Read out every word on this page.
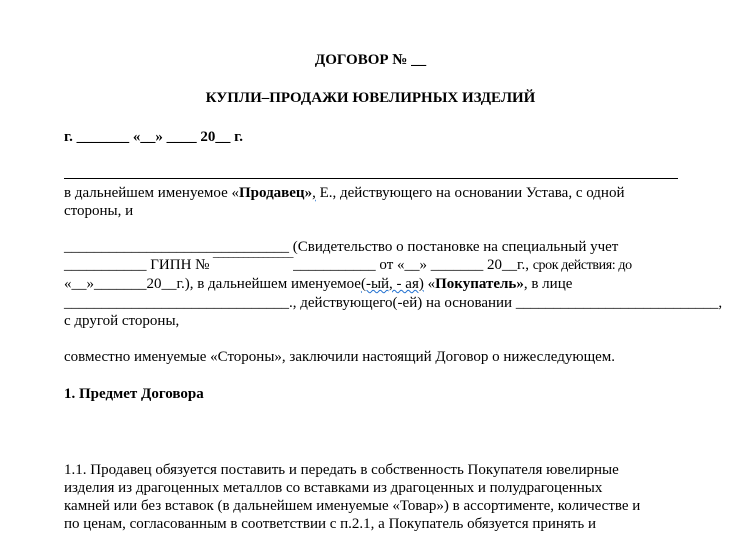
ДОГОВОР № __
КУПЛИ–ПРОДАЖИ ЮВЕЛИРНЫХ ИЗДЕЛИЙ
г. _______ «__» ____ 20__ г.
в дальнейшем именуемое «Продавец», Е., действующего на основании Устава, с одной
стороны, и
______________________________ (Свидетельство о постановке на специальный учет
___________ ГИПН № ‾‾‾‾‾‾‾‾‾‾‾‾‾‾‾‾___________ от «__» _______ 20__г., срок действия: до
«__»_______20__г.), в дальнейшем именуемое(-ый, - ая) «Покупатель», в лице
______________________________., действующего(-ей) на основании ___________________________,
с другой стороны,
совместно именуемые «Стороны», заключили настоящий Договор о нижеследующем.
1. Предмет Договора
1.1. Продавец обязуется поставить и передать в собственность Покупателя ювелирные
изделия из драгоценных металлов со вставками из драгоценных и полудрагоценных
камней или без вставок (в дальнейшем именуемые «Товар») в ассортименте, количестве и
по ценам, согласованным в соответствии с п.2.1, а Покупатель обязуется принять и
